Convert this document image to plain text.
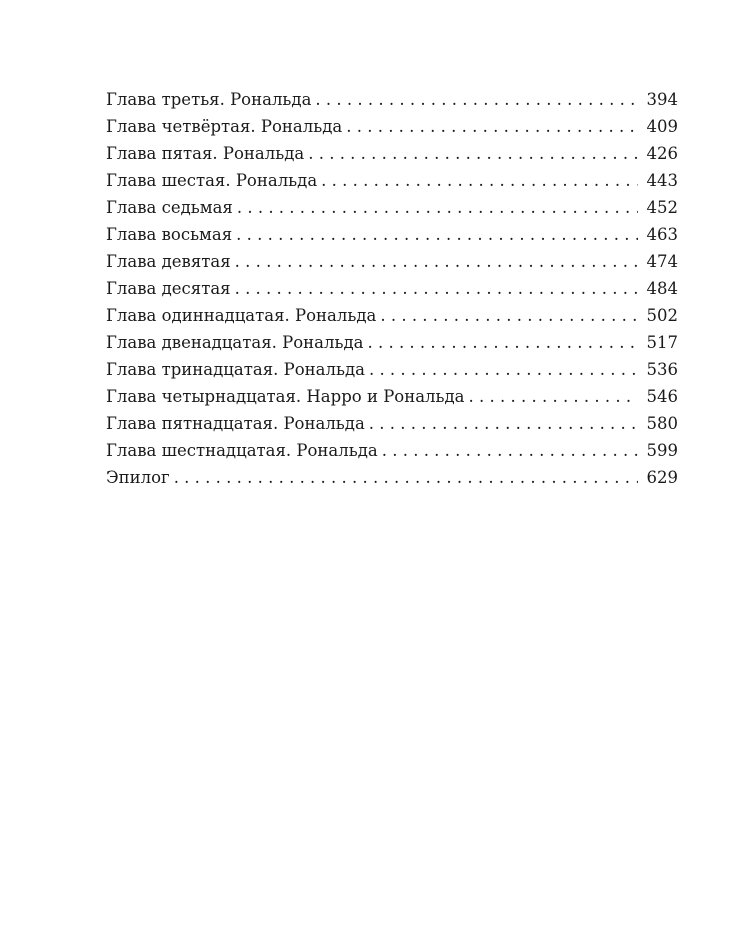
Глава третья. Рональда . . .	394
Глава четвёртая. Рональда . . .	409
Глава пятая. Рональда . . .	426
Глава шестая. Рональда . . .	443
Глава седьмая . . .	452
Глава восьмая . . .	463
Глава девятая . . .	474
Глава десятая . . .	484
Глава одиннадцатая. Рональда . . .	502
Глава двенадцатая. Рональда . . .	517
Глава тринадцатая. Рональда . . .	536
Глава четырнадцатая. Нарро и Рональда . . .	546
Глава пятнадцатая. Рональда . . .	580
Глава шестнадцатая. Рональда . . .	599
Эпилог . . .	629
